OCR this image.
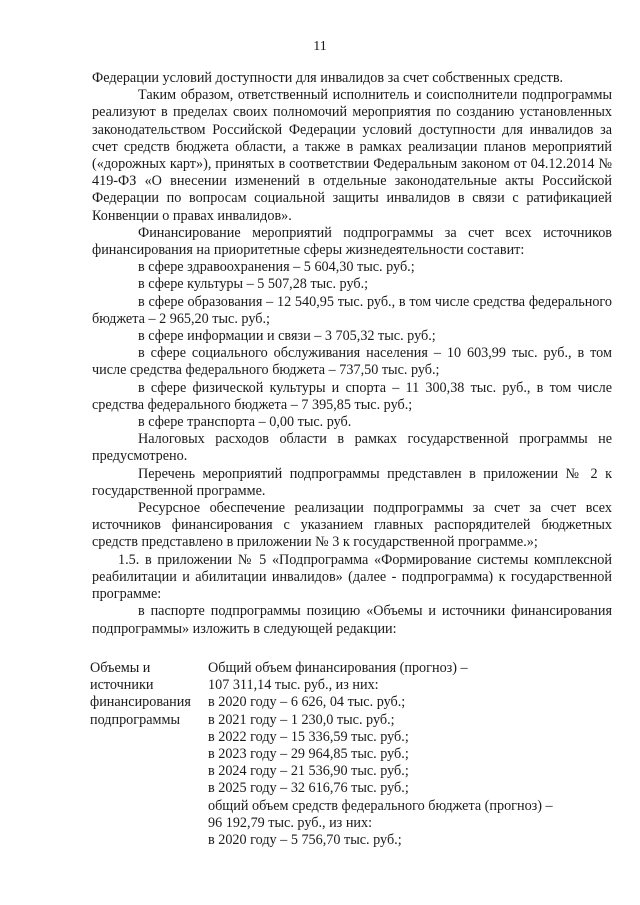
11

Федерации условий доступности для инвалидов за счет собственных средств.

Таким образом, ответственный исполнитель и соисполнители подпрограммы реализуют в пределах своих полномочий мероприятия по созданию установленных законодательством Российской Федерации условий доступности для инвалидов за счет средств бюджета области, а также в рамках реализации планов мероприятий («дорожных карт»), принятых в соответствии Федеральным законом от 04.12.2014 № 419-ФЗ «О внесении изменений в отдельные законодательные акты Российской Федерации по вопросам социальной защиты инвалидов в связи с ратификацией Конвенции о правах инвалидов».

Финансирование мероприятий подпрограммы за счет всех источников финансирования на приоритетные сферы жизнедеятельности составит:

в сфере здравоохранения – 5 604,30 тыс. руб.;

в сфере культуры – 5 507,28 тыс. руб.;

в сфере образования – 12 540,95 тыс. руб., в том числе средства федерального бюджета – 2 965,20 тыс. руб.;

в сфере информации и связи – 3 705,32 тыс. руб.;

в сфере социального обслуживания населения – 10 603,99 тыс. руб., в том числе средства федерального бюджета – 737,50 тыс. руб.;

в сфере физической культуры и спорта – 11 300,38 тыс. руб., в том числе средства федерального бюджета – 7 395,85 тыс. руб.;

в сфере транспорта – 0,00 тыс. руб.

Налоговых расходов области в рамках государственной программы не предусмотрено.

Перечень мероприятий подпрограммы представлен в приложении № 2 к государственной программе.

Ресурсное обеспечение реализации подпрограммы за счет за счет всех источников финансирования с указанием главных распорядителей бюджетных средств представлено в приложении № 3 к государственной программе.»;

1.5. в приложении № 5 «Подпрограмма «Формирование системы комплексной реабилитации и абилитации инвалидов» (далее - подпрограмма) к государственной программе:

в паспорте подпрограммы позицию «Объемы и источники финансирования подпрограммы» изложить в следующей редакции:

Объемы и источники финансирования подпрограммы

Общий объем финансирования (прогноз) –

107 311,14 тыс. руб., из них:

в 2020 году – 6 626, 04 тыс. руб.;

в 2021 году – 1 230,0 тыс. руб.;

в 2022 году – 15 336,59 тыс. руб.;

в 2023 году – 29 964,85 тыс. руб.;

в 2024 году – 21 536,90 тыс. руб.;

в 2025 году – 32 616,76 тыс. руб.;

общий объем средств федерального бюджета (прогноз) –

96 192,79 тыс. руб., из них:

в 2020 году – 5 756,70 тыс. руб.;
